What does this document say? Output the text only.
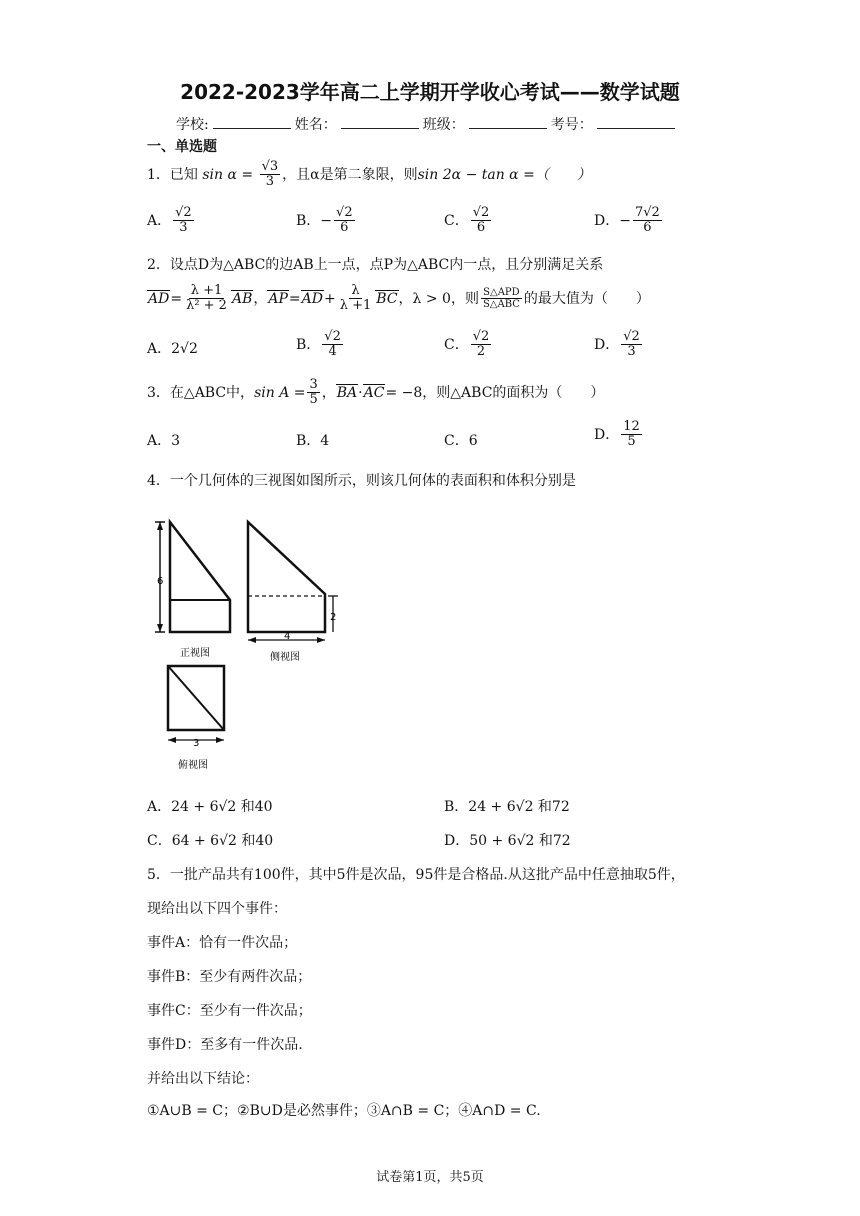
2022-2023学年高二上学期开学收心考试——数学试题
学校:	姓名：	班级：	考号：
一、单选题
1．已知 $\sin \alpha = \frac{√3}{3}$ ，且α是第二象限，则sin 2α − tan α =（　　）
A． $\frac{√2}{3}$	B．− $\frac{√2}{6}$	C． $\frac{√2}{6}$	D．− $\frac{7√2}{6}$
2．设点D为△ABC的边AB上一点，点P为△ABC内一点，且分别满足关系
$AD= \frac{\lambda +1}{\text{λ² + 2}}$ AB，$AP=AD+ \frac{\lambda}{\lambda +1}$ BC，λ > 0，则 $\frac{\text{S△APD}}{\text{S△ABC}}$ 的最大值为（　　）
A．2√2	B． $\frac{√2}{4}$	C． $\frac{√2}{2}$	D． $\frac{√2}{3}$
3．在△ABC中，$\sin A = \frac{3}{5}$ ，BA·AC= −8，则△ABC的面积为（　　）
A．3	B．4	C．6	D． $\frac{12}{5}$
4．一个几何体的三视图如图所示，则该几何体的表面积和体积分别是
6
正视图
2
4
侧视图
3
俯视图
A．24 + 6√2 和40	B．24 + 6√2 和72
C．64 + 6√2 和40	D．50 + 6√2 和72
5．一批产品共有100件，其中5件是次品，95件是合格品.从这批产品中任意抽取5件，
现给出以下四个事件：
事件A：恰有一件次品；
事件B：至少有两件次品；
事件C：至少有一件次品；
事件D：至多有一件次品.
并给出以下结论：
①A∪B = C；②B∪D是必然事件；③A∩B = C；④A∩D = C.
试卷第1页，共5页
